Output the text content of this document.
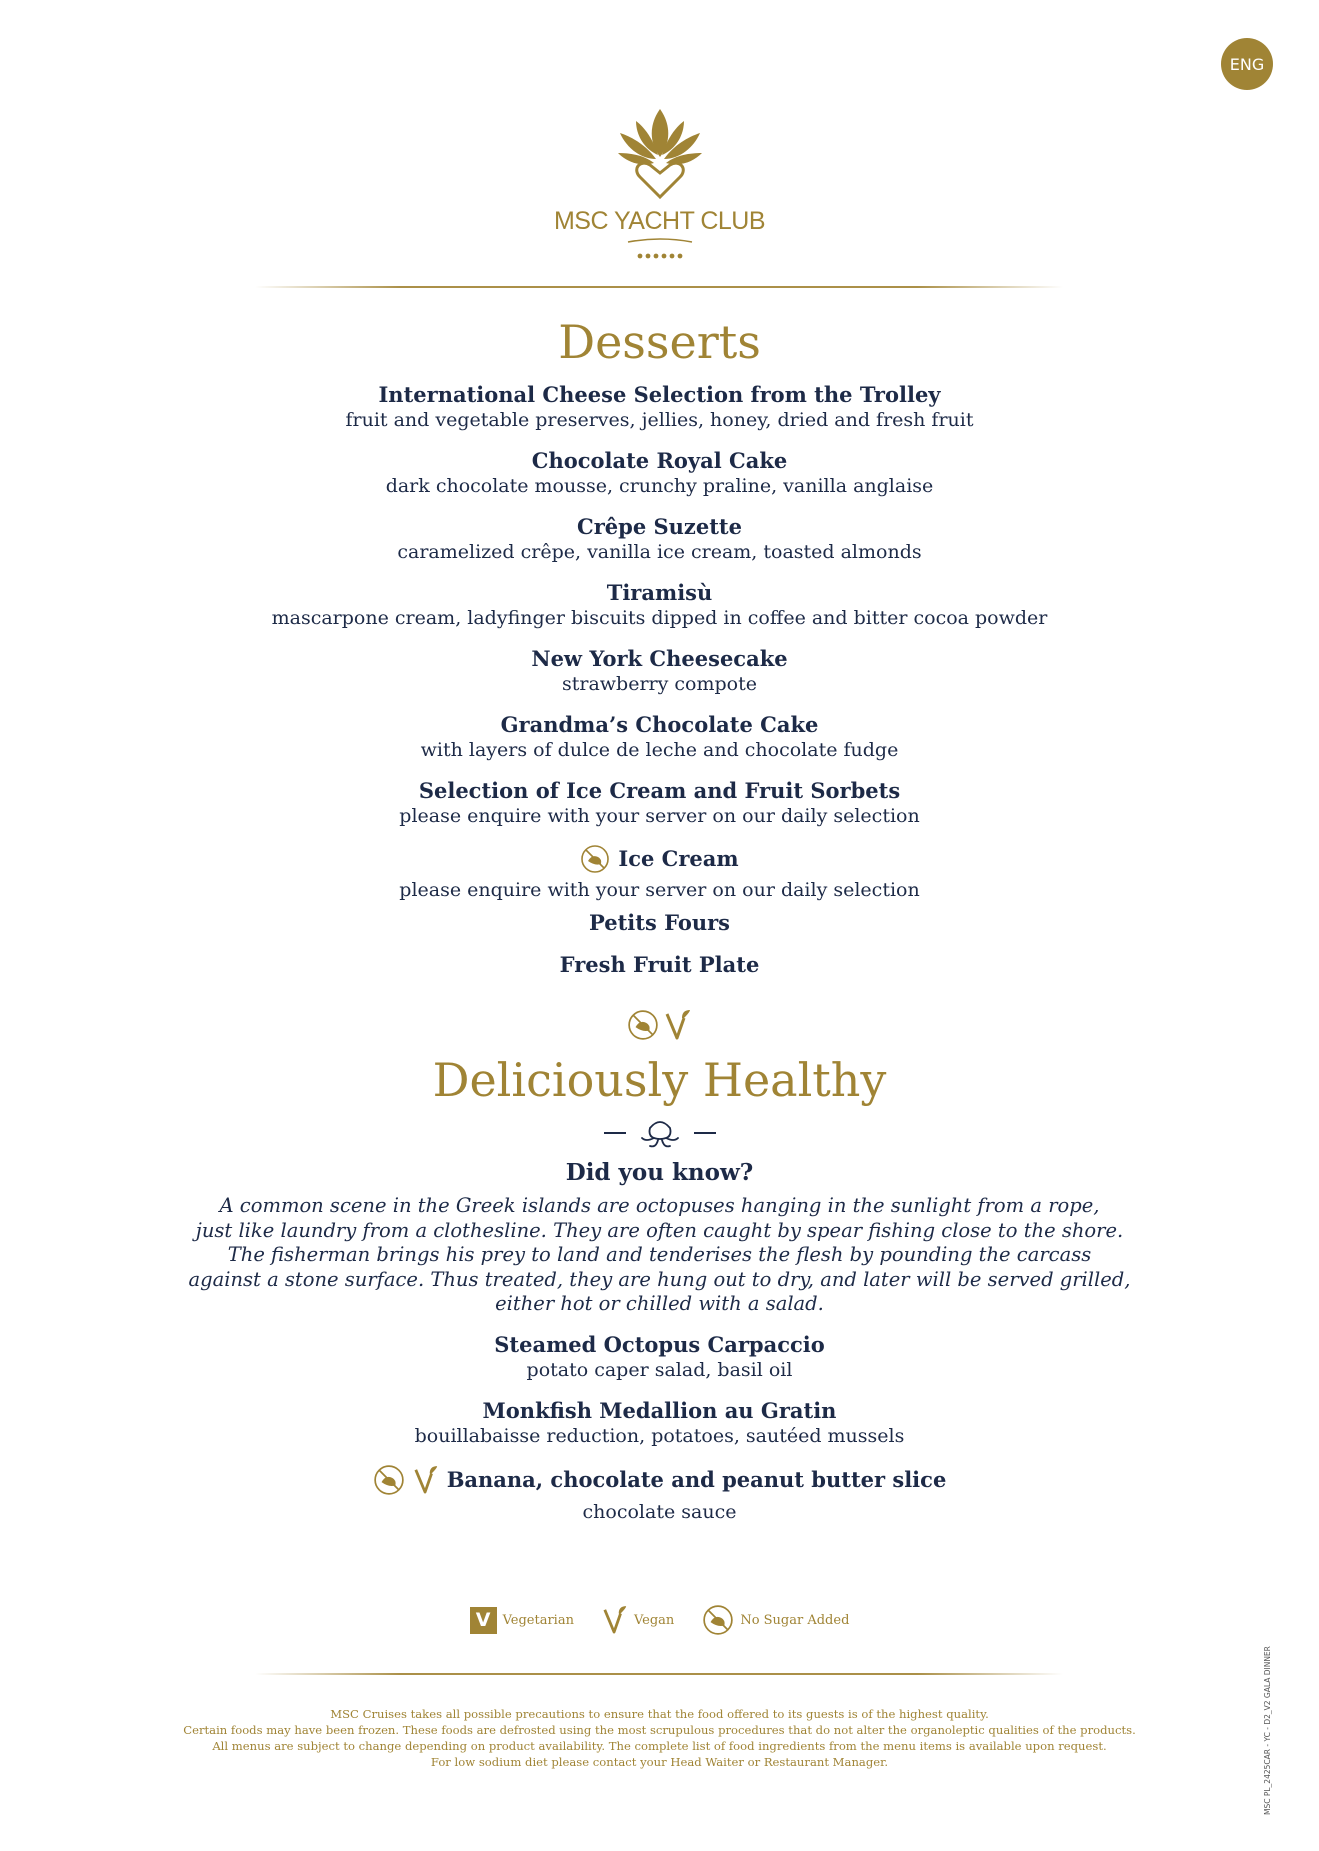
ENG
MSC YACHT CLUB
Desserts
International Cheese Selection from the Trolley
fruit and vegetable preserves, jellies, honey, dried and fresh fruit
Chocolate Royal Cake
dark chocolate mousse, crunchy praline, vanilla anglaise
Crêpe Suzette
caramelized crêpe, vanilla ice cream, toasted almonds
Tiramisù
mascarpone cream, ladyfinger biscuits dipped in coffee and bitter cocoa powder
New York Cheesecake
strawberry compote
Grandma’s Chocolate Cake
with layers of dulce de leche and chocolate fudge
Selection of Ice Cream and Fruit Sorbets
please enquire with your server on our daily selection
Ice Cream
please enquire with your server on our daily selection
Petits Fours
Fresh Fruit Plate

Deliciously Healthy
Did you know?
A common scene in the Greek islands are octopuses hanging in the sunlight from a rope,
just like laundry from a clothesline. They are often caught by spear fishing close to the shore.
The fisherman brings his prey to land and tenderises the flesh by pounding the carcass
against a stone surface. Thus treated, they are hung out to dry, and later will be served grilled,
either hot or chilled with a salad.
Steamed Octopus Carpaccio
potato caper salad, basil oil
Monkfish Medallion au Gratin
bouillabaisse reduction, potatoes, sautéed mussels
Banana, chocolate and peanut butter slice
chocolate sauce
V Vegetarian	Vegan	No Sugar Added
MSC Cruises takes all possible precautions to ensure that the food offered to its guests is of the highest quality.
Certain foods may have been frozen. These foods are defrosted using the most scrupulous procedures that do not alter the organoleptic qualities of the products.
All menus are subject to change depending on product availability. The complete list of food ingredients from the menu items is available upon request.
For low sodium diet please contact your Head Waiter or Restaurant Manager.	MSC PL_2425CAR - YC - D2_V2 GALA DINNER
